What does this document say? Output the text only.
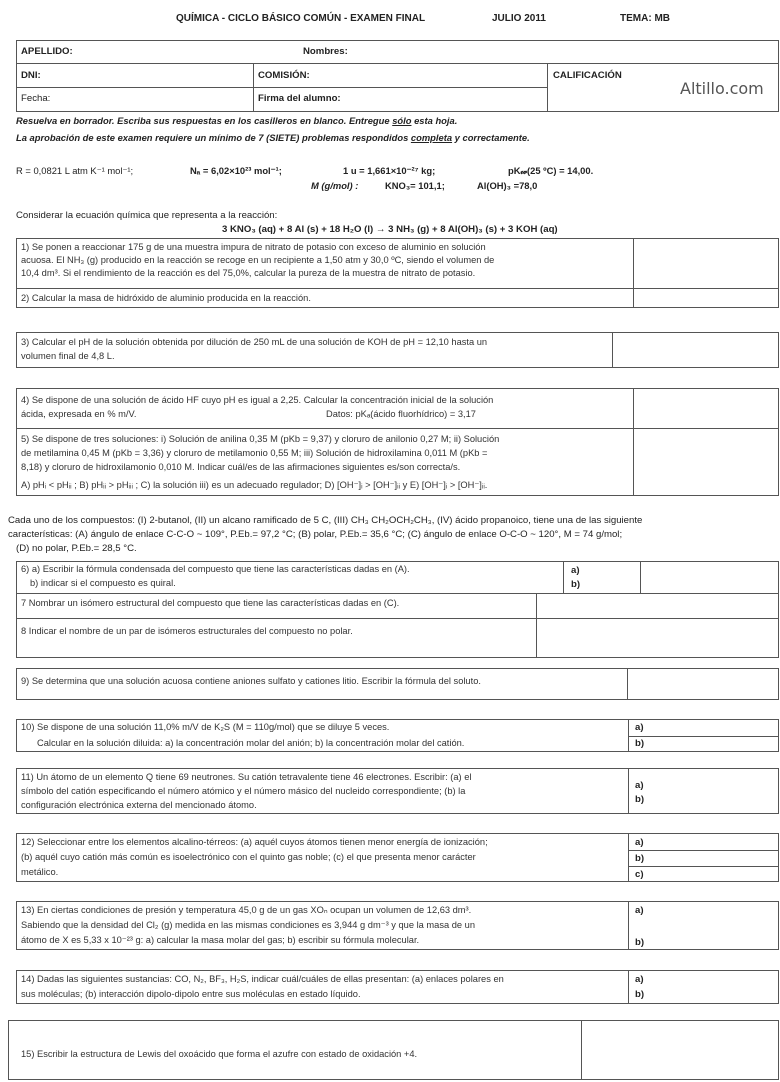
QUÍMICA - CICLO BÁSICO COMÚN - EXAMEN FINAL	JULIO 2011	TEMA: MB
APELLIDO:	Nombres:
DNI:	COMISIÓN:	CALIFICACIÓN
Fecha:	Firma del alumno:
Altillo.com
Resuelva en borrador. Escriba sus respuestas en los casilleros en blanco. Entregue sólo esta hoja.
La aprobación de este examen requiere un mínimo de 7 (SIETE) problemas respondidos completa y correctamente.
R = 0,0821 L atm K⁻¹ mol⁻¹;	Nₐ = 6,02×10²³ mol⁻¹;	1 u = 1,661×10⁻²⁷ kg;	pK𝓌(25 ºC) = 14,00.
M (g/mol) :	KNO₃= 101,1;	Al(OH)₃ =78,0
Considerar la ecuación química que representa a la reacción:
3 KNO₃ (aq) + 8 Al (s) + 18 H₂O (l) → 3 NH₃ (g) + 8 Al(OH)₃ (s) + 3 KOH (aq)
1) Se ponen a reaccionar 175 g de una muestra impura de nitrato de potasio con exceso de aluminio en solución
acuosa. El NH₃ (g) producido en la reacción se recoge en un recipiente a 1,50 atm y 30,0 ºC, siendo el volumen de
10,4 dm³. Si el rendimiento de la reacción es del 75,0%, calcular la pureza de la muestra de nitrato de potasio.
2) Calcular la masa de hidróxido de aluminio producida en la reacción.
3) Calcular el pH de la solución obtenida por dilución de 250 mL de una solución de KOH de pH = 12,10 hasta un
volumen final de 4,8 L.
4) Se dispone de una solución de ácido HF cuyo pH es igual a 2,25. Calcular la concentración inicial de la solución
ácida, expresada en % m/V.	Datos: pKₐ(ácido fluorhídrico) = 3,17
5) Se dispone de tres soluciones: i) Solución de anilina 0,35 M (pKb = 9,37) y cloruro de anilonio 0,27 M; ii) Solución
de metilamina 0,45 M (pKb = 3,36) y cloruro de metilamonio 0,55 M; iii) Solución de hidroxilamina 0,011 M (pKb =
8,18) y cloruro de hidroxilamonio 0,010 M. Indicar cuál/es de las afirmaciones siguientes es/son correcta/s.
A) pHᵢ < pHᵢᵢ ; B) pHᵢᵢ > pHᵢᵢᵢ ; C) la solución iii) es un adecuado regulador; D) [OH⁻]ᵢ > [OH⁻]ᵢᵢ y E) [OH⁻]ᵢ > [OH⁻]ᵢᵢ.
Cada uno de los compuestos: (I) 2-butanol, (II) un alcano ramificado de 5 C, (III) CH₃ CH₂OCH₂CH₃, (IV) ácido propanoico, tiene una de las siguiente
características: (A) ángulo de enlace C-C-O ~ 109°, P.Eb.= 97,2 °C; (B) polar, P.Eb.= 35,6 °C; (C) ángulo de enlace O-C-O ~ 120°, M = 74 g/mol;
(D) no polar, P.Eb.= 28,5 °C.
6) a) Escribir la fórmula condensada del compuesto que tiene las características dadas en (A).
b) indicar si el compuesto es quiral.
a)
b)
7 Nombrar un isómero estructural del compuesto que tiene las características dadas en (C).
8 Indicar el nombre de un par de isómeros estructurales del compuesto no polar.
9) Se determina que una solución acuosa contiene aniones sulfato y cationes litio. Escribir la fórmula del soluto.
10) Se dispone de una solución 11,0% m/V de K₂S (M = 110g/mol) que se diluye 5 veces.
Calcular en la solución diluida: a) la concentración molar del anión; b) la concentración molar del catión.
a)
b)
11) Un átomo de un elemento Q tiene 69 neutrones. Su catión tetravalente tiene 46 electrones. Escribir: (a) el
símbolo del catión especificando el número atómico y el número másico del nucleido correspondiente; (b) la
configuración electrónica externa del mencionado átomo.
a)
b)
12) Seleccionar entre los elementos alcalino-térreos: (a) aquél cuyos átomos tienen menor energía de ionización;
(b) aquél cuyo catión más común es isoelectrónico con el quinto gas noble; (c) el que presenta menor carácter
metálico.
a)
b)
c)
13) En ciertas condiciones de presión y temperatura 45,0 g de un gas XOₙ ocupan un volumen de 12,63 dm³.
Sabiendo que la densidad del Cl₂ (g) medida en las mismas condiciones es 3,944 g dm⁻³ y que la masa de un
átomo de X es 5,33 x 10⁻²³ g: a) calcular la masa molar del gas; b) escribir su fórmula molecular.
a)
b)
14) Dadas las siguientes sustancias: CO, N₂, BF₃, H₂S, indicar cuál/cuáles de ellas presentan: (a) enlaces polares en
sus moléculas; (b) interacción dipolo-dipolo entre sus moléculas en estado líquido.
a)
b)
15) Escribir la estructura de Lewis del oxoácido que forma el azufre con estado de oxidación +4.
